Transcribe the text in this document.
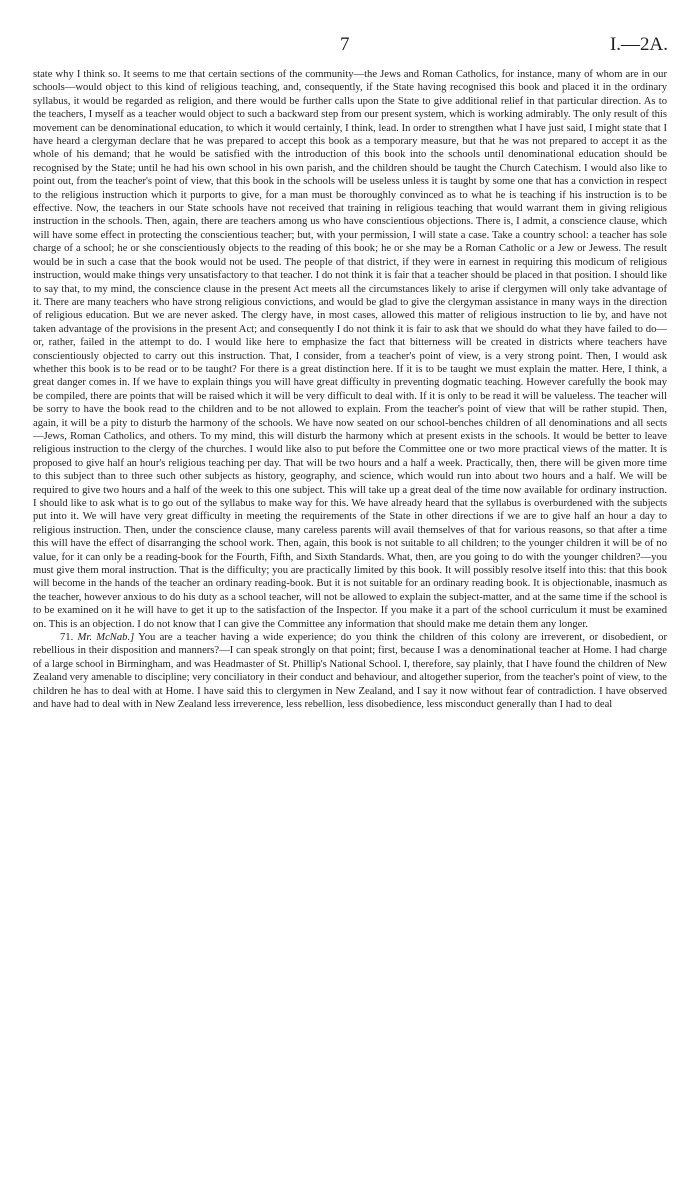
7	I.—2A.

state why I think so. It seems to me that certain sections of the community—the Jews and Roman Catholics, for instance, many of whom are in our schools—would object to this kind of religious teaching, and, consequently, if the State having recognised this book and placed it in the ordinary syllabus, it would be regarded as religion, and there would be further calls upon the State to give additional relief in that particular direction. As to the teachers, I myself as a teacher would object to such a backward step from our present system, which is working admirably. The only result of this movement can be denominational education, to which it would certainly, I think, lead. In order to strengthen what I have just said, I might state that I have heard a clergyman declare that he was prepared to accept this book as a temporary measure, but that he was not prepared to accept it as the whole of his demand; that he would be satisfied with the introduction of this book into the schools until denominational education should be recognised by the State; until he had his own school in his own parish, and the children should be taught the Church Catechism. I would also like to point out, from the teacher's point of view, that this book in the schools will be useless unless it is taught by some one that has a conviction in respect to the religious instruction which it purports to give, for a man must be thoroughly convinced as to what he is teaching if his instruction is to be effective. Now, the teachers in our State schools have not received that training in religious teaching that would warrant them in giving religious instruction in the schools. Then, again, there are teachers among us who have conscientious objections. There is, I admit, a conscience clause, which will have some effect in protecting the conscientious teacher; but, with your permission, I will state a case. Take a country school: a teacher has sole charge of a school; he or she conscientiously objects to the reading of this book; he or she may be a Roman Catholic or a Jew or Jewess. The result would be in such a case that the book would not be used. The people of that district, if they were in earnest in requiring this modicum of religious instruction, would make things very unsatisfactory to that teacher. I do not think it is fair that a teacher should be placed in that position. I should like to say that, to my mind, the conscience clause in the present Act meets all the circumstances likely to arise if clergymen will only take advantage of it. There are many teachers who have strong religious convictions, and would be glad to give the clergyman assistance in many ways in the direction of religious education. But we are never asked. The clergy have, in most cases, allowed this matter of religious instruction to lie by, and have not taken advantage of the provisions in the present Act; and consequently I do not think it is fair to ask that we should do what they have failed to do—or, rather, failed in the attempt to do. I would like here to emphasize the fact that bitterness will be created in districts where teachers have conscientiously objected to carry out this instruction. That, I consider, from a teacher's point of view, is a very strong point. Then, I would ask whether this book is to be read or to be taught? For there is a great distinction here. If it is to be taught we must explain the matter. Here, I think, a great danger comes in. If we have to explain things you will have great difficulty in preventing dogmatic teaching. However carefully the book may be compiled, there are points that will be raised which it will be very difficult to deal with. If it is only to be read it will be valueless. The teacher will be sorry to have the book read to the children and to be not allowed to explain. From the teacher's point of view that will be rather stupid. Then, again, it will be a pity to disturb the harmony of the schools. We have now seated on our school-benches children of all denominations and all sects—Jews, Roman Catholics, and others. To my mind, this will disturb the harmony which at present exists in the schools. It would be better to leave religious instruction to the clergy of the churches. I would like also to put before the Committee one or two more practical views of the matter. It is proposed to give half an hour's religious teaching per day. That will be two hours and a half a week. Practically, then, there will be given more time to this subject than to three such other subjects as history, geography, and science, which would run into about two hours and a half. We will be required to give two hours and a half of the week to this one subject. This will take up a great deal of the time now available for ordinary instruction. I should like to ask what is to go out of the syllabus to make way for this. We have already heard that the syllabus is overburdened with the subjects put into it. We will have very great difficulty in meeting the requirements of the State in other directions if we are to give half an hour a day to religious instruction. Then, under the conscience clause, many careless parents will avail themselves of that for various reasons, so that after a time this will have the effect of disarranging the school work. Then, again, this book is not suitable to all children; to the younger children it will be of no value, for it can only be a reading-book for the Fourth, Fifth, and Sixth Standards. What, then, are you going to do with the younger children?—you must give them moral instruction. That is the difficulty; you are practically limited by this book. It will possibly resolve itself into this: that this book will become in the hands of the teacher an ordinary reading-book. But it is not suitable for an ordinary reading book. It is objectionable, inasmuch as the teacher, however anxious to do his duty as a school teacher, will not be allowed to explain the subject-matter, and at the same time if the school is to be examined on it he will have to get it up to the satisfaction of the Inspector. If you make it a part of the school curriculum it must be examined on. This is an objection. I do not know that I can give the Committee any information that should make me detain them any longer.

71. Mr. McNab.] You are a teacher having a wide experience; do you think the children of this colony are irreverent, or disobedient, or rebellious in their disposition and manners?—I can speak strongly on that point; first, because I was a denominational teacher at Home. I had charge of a large school in Birmingham, and was Headmaster of St. Phillip's National School. I, therefore, say plainly, that I have found the children of New Zealand very amenable to discipline; very conciliatory in their conduct and behaviour, and altogether superior, from the teacher's point of view, to the children he has to deal with at Home. I have said this to clergymen in New Zealand, and I say it now without fear of contradiction. I have observed and have had to deal with in New Zealand less irreverence, less rebellion, less disobedience, less misconduct generally than I had to deal
